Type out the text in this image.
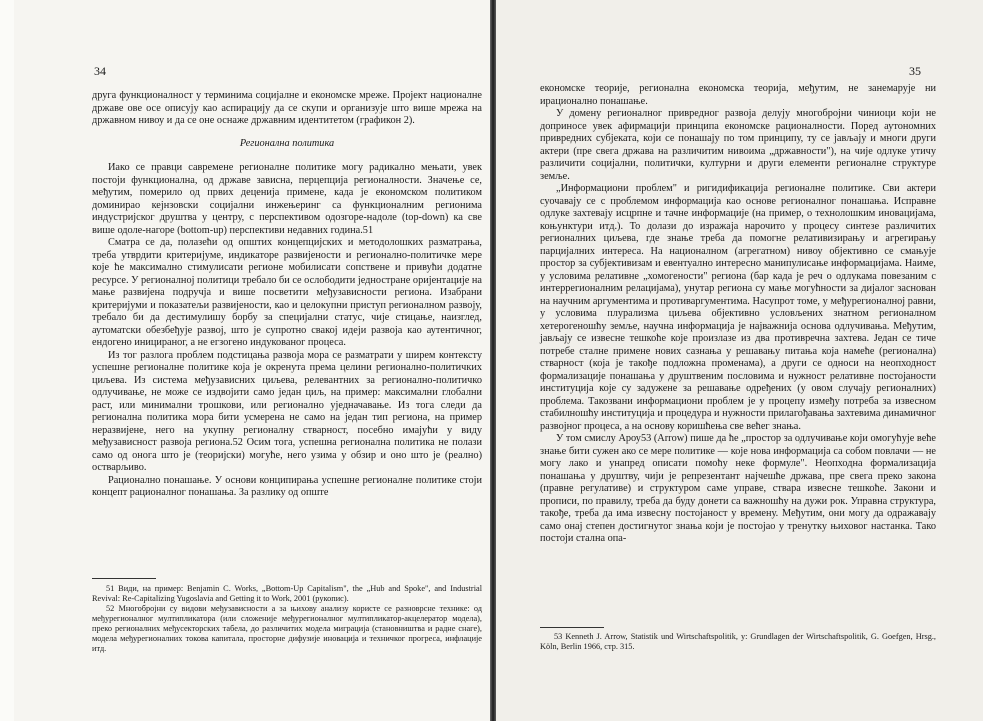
34

друга функционалност у терминима социјалне и економске мреже. Пројект националне државе ове осе описују као аспирацију да се скупи и организује што више мрежа на државном нивоу и да се оне оснаже државним идентитетом (графикон 2).

Регионална политика

Иако се правци савремене регионалне политике могу радикално мењати, увек постоји функционална, од државе зависна, перцепција регионалности. Значење се, међутим, померило од првих деценија примене, када је економском политиком доминирао кејнзовски социјални инжењеринг са функционалним регионима индустријског друштва у центру, с перспективом одозгоре-надоле (top-down) ка све више одоле-нагоре (bottom-up) перспективи недавних година.51

Сматра се да, полазећи од општих концепцијских и методолошких разматрања, треба утврдити критеријуме, индикаторе развијености и регионално-политичке мере које ће максимално стимулисати регионе мобилисати сопствене и привући додатне ресурсе. У регионалној политици требало би се ослободити једностране оријентације на мање развијена подручја и више посветити међузависности региона. Изабрани критеријуми и показатељи развијености, као и целокупни приступ регионалном развоју, требало би да дестимулишу борбу за специјални статус, чије стицање, наизглед, аутоматски обезбеђује развој, што је супротно свакој идеји развоја као аутентичног, ендогено иницираног, а не егзогено индукованог процеса.

Из тог разлога проблем подстицања развоја мора се разматрати у ширем контексту успешне регионалне политике која је окренута према целини регионално-политичких циљева. Из система међузависних циљева, релевантних за регионално-политичко одлучивање, не може се издвојити само један циљ, на пример: максимални глобални раст, или минимални трошкови, или регионално уједначавање. Из тога следи да регионална политика мора бити усмерена не само на један тип региона, на пример неразвијене, него на укупну регионалну стварност, посебно имајући у виду међузависност развоја региона.52 Осим тога, успешна регионална политика не полази само од онога што је (теоријски) могуће, него узима у обзир и оно што је (реално) остварљиво.

Рационално понашање. У основи конципирања успешне регионалне политике стоји концепт рационалног понашања. За разлику од опште

51 Види, на пример: Benjamin C. Works, „Bottom-Up Capitalism", the „Hub and Spoke", and Industrial Revival: Re-Capitalizing Yugoslavia and Getting it to Work, 2001 (рукопис).

52 Многобројни су видови међузависности а за њихову анализу користе се разноврсне технике: од међурегионалног мултипликатора (или сложеније међурегионалног мултипликатор-акцелератор модела), преко регионалних међусекторских табела, до различитих модела миграција (становништва и радне снаге), модела међурегионалних токова капитала, просторне дифузије иновација и техничког прогреса, инфлације итд.

35

економске теорије, регионална економска теорија, међутим, не занемарује ни ирационално понашање.

У домену регионалног привредног развоја делују многобројни чиниоци који не доприносе увек афирмацији принципа економске рационалности. Поред аутономних привредних субјеката, који се понашају по том принципу, ту се јављају и многи други актери (пре свега држава на различитим нивоима „државности"), на чије одлуке утичу различити социјални, политички, културни и други елементи регионалне структуре земље.

„Информациони проблем" и ригидификација регионалне политике. Сви актери суочавају се с проблемом информација као основе регионалног понашања. Исправне одлуке захтевају исцрпне и тачне информације (на пример, о технолошким иновацијама, коњунктури итд.). То долази до изражаја нарочито у процесу синтезе различитих регионалних циљева, где знање треба да помогне релативизирању и агрегирању парцијалних интереса. На националном (агрегатном) нивоу објективно се смањује простор за субјективизам и евентуално интересно манипулисање информацијама. Наиме, у условима релативне „хомогености" региона (бар када је реч о одлукама повезаним с интеррегионалним релацијама), унутар региона су мање могућности за дијалог заснован на научним аргументима и противаргументима. Насупрот томе, у међурегионалној равни, у условима плурализма циљева објективно условљених знатном регионалном хетерогеношћу земље, научна информација је најважнија основа одлучивања. Међутим, јављају се извесне тешкоће које произлазе из два противречна захтева. Један се тиче потребе сталне примене нових сазнања у решавању питања која намеће (регионална) стварност (која је такође подложна променама), а други се односи на неопходност формализације понашања у друштвеним пословима и нужност релативне постојаности институција које су задужене за решавање одређених (у овом случају регионалних) проблема. Такозвани информациони проблем је у процепу између потреба за извесном стабилношћу институција и процедура и нужности прилагођавања захтевима динамичног развојног процеса, а на основу коришћења све већег знања.

У том смислу Ароу53 (Arrow) пише да ће „простор за одлучивање који омогућује веће знање бити сужен ако се мере политике — које нова информација са собом повлачи — не могу лако и унапред описати помоћу неке формуле". Неопходна формализација понашања у друштву, чији је репрезентант најчешће држава, пре свега преко закона (правне регулативе) и структуром саме управе, ствара извесне тешкоће. Закони и прописи, по правилу, треба да буду донети са важношћу на дужи рок. Управна структура, такође, треба да има извесну постојаност у времену. Међутим, они могу да одражавају само онај степен достигнутог знања који је постојао у тренутку њиховог настанка. Тако постоји стална опа-

53 Kenneth J. Arrow, Statistik und Wirtschaftspolitik, у: Grundlagen der Wirtschaftspolitik, G. Goefgen, Hrsg., Köln, Berlin 1966, стр. 315.
